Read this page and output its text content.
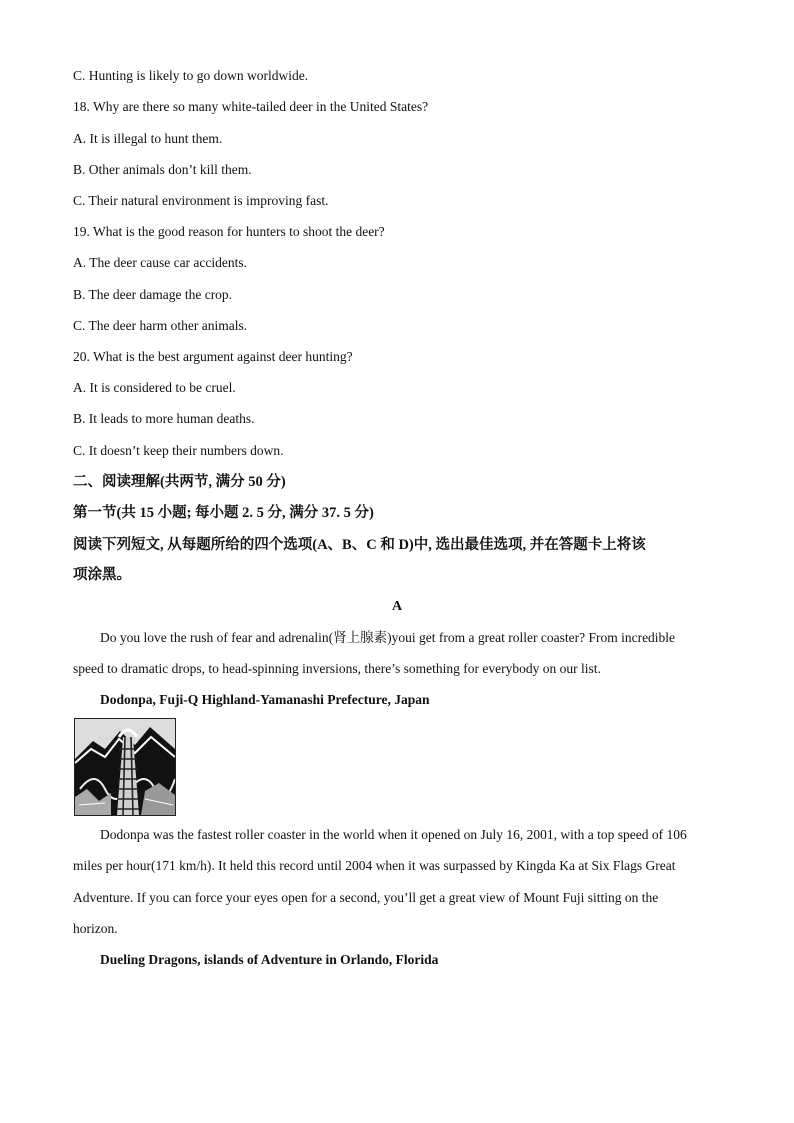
C. Hunting is likely to go down worldwide.
18. Why are there so many white-tailed deer in the United States?
A. It is illegal to hunt them.
B. Other animals don’t kill them.
C. Their natural environment is improving fast.
19. What is the good reason for hunters to shoot the deer?
A. The deer cause car accidents.
B. The deer damage the crop.
C. The deer harm other animals.
20. What is the best argument against deer hunting?
A. It is considered to be cruel.
B. It leads to more human deaths.
C. It doesn’t keep their numbers down.
二、阅读理解(共两节, 满分 50 分)
第一节(共 15 小题; 每小题 2. 5 分, 满分 37. 5 分)
阅读下列短文, 从每题所给的四个选项(A、B、C 和 D)中, 选出最佳选项, 并在答题卡上将该
项涂黑。
A
Do you love the rush of fear and adrenalin(肾上腺素)youi get from a great roller coaster? From incredible
speed to dramatic drops, to head-spinning inversions, there’s something for everybody on our list.
Dodonpa, Fuji-Q Highland-Yamanashi Prefecture, Japan
Dodonpa was the fastest roller coaster in the world when it opened on July 16, 2001, with a top speed of 106
miles per hour(171 km/h). It held this record until 2004 when it was surpassed by Kingda Ka at Six Flags Great
Adventure. If you can force your eyes open for a second, you’ll get a great view of Mount Fuji sitting on the
horizon.
Dueling Dragons, islands of Adventure in Orlando, Florida
